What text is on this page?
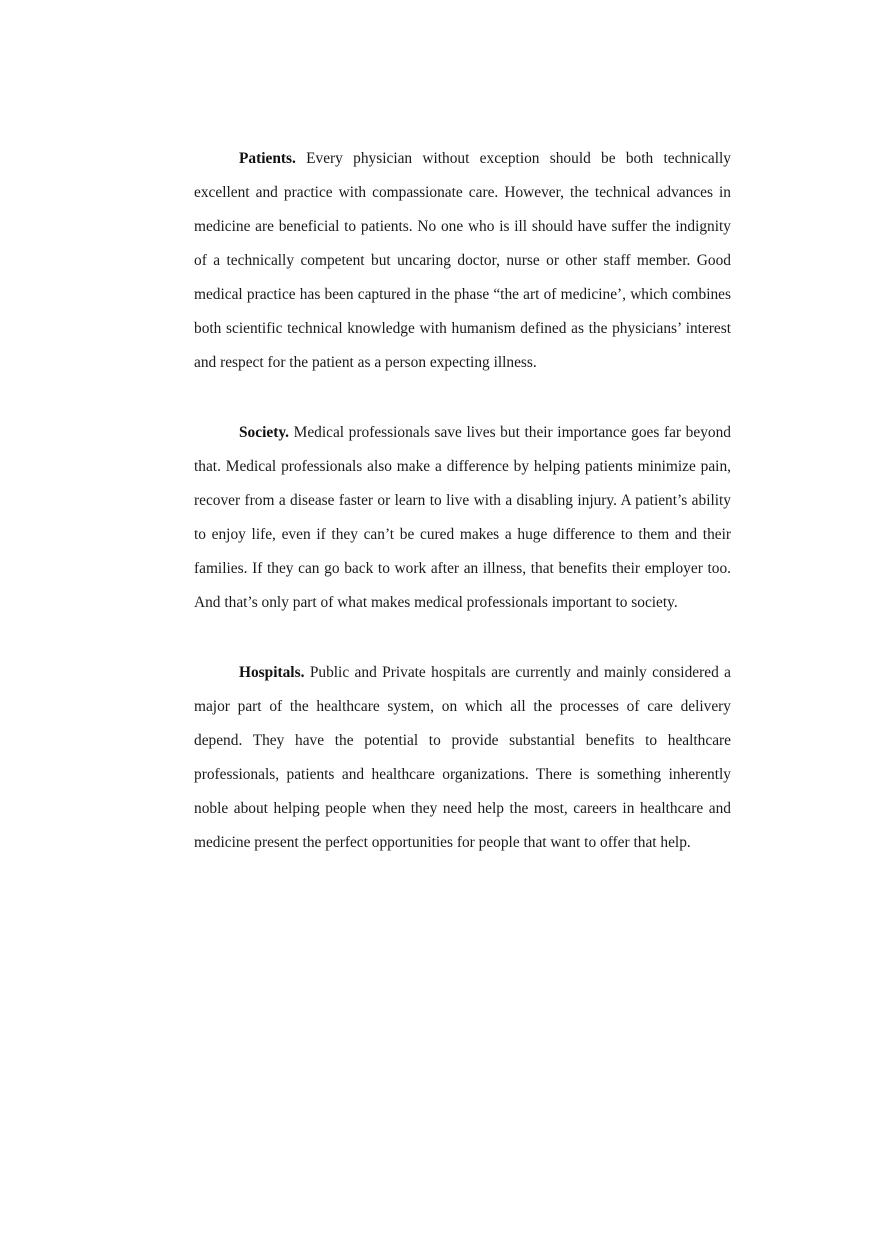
Patients. Every physician without exception should be both technically excellent and practice with compassionate care. However, the technical advances in medicine are beneficial to patients. No one who is ill should have suffer the indignity of a technically competent but uncaring doctor, nurse or other staff member. Good medical practice has been captured in the phase “the art of medicine’, which combines both scientific technical knowledge with humanism defined as the physicians’ interest and respect for the patient as a person expecting illness.

Society. Medical professionals save lives but their importance goes far beyond that. Medical professionals also make a difference by helping patients minimize pain, recover from a disease faster or learn to live with a disabling injury. A patient’s ability to enjoy life, even if they can’t be cured makes a huge difference to them and their families. If they can go back to work after an illness, that benefits their employer too. And that’s only part of what makes medical professionals important to society.

Hospitals. Public and Private hospitals are currently and mainly considered a major part of the healthcare system, on which all the processes of care delivery depend. They have the potential to provide substantial benefits to healthcare professionals, patients and healthcare organizations. There is something inherently noble about helping people when they need help the most, careers in healthcare and medicine present the perfect opportunities for people that want to offer that help.
